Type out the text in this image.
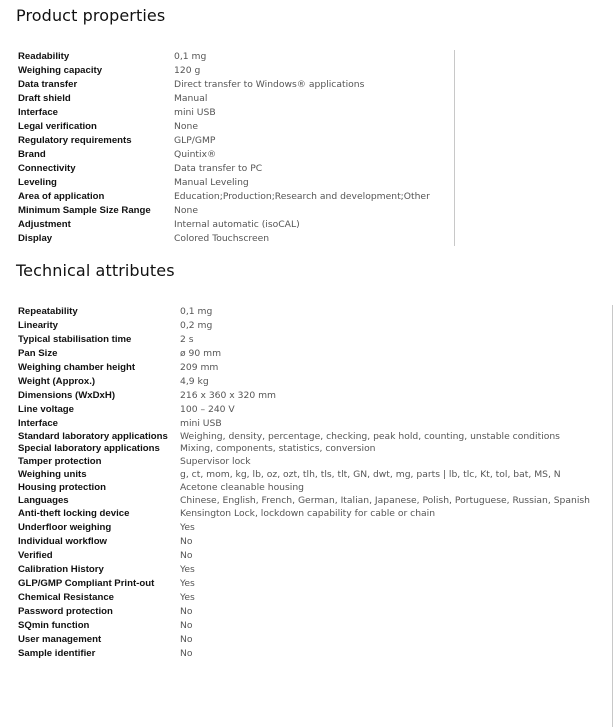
Product properties
Readability	0,1 mg
Weighing capacity	120 g
Data transfer	Direct transfer to Windows® applications
Draft shield	Manual
Interface	mini USB
Legal verification	None
Regulatory requirements	GLP/GMP
Brand	Quintix®
Connectivity	Data transfer to PC
Leveling	Manual Leveling
Area of application	Education;Production;Research and development;Other
Minimum Sample Size Range	None
Adjustment	Internal automatic (isoCAL)
Display	Colored Touchscreen
Technical attributes
Repeatability	0,1 mg
Linearity	0,2 mg
Typical stabilisation time	2 s
Pan Size	ø 90 mm
Weighing chamber height	209 mm
Weight (Approx.)	4,9 kg
Dimensions (WxDxH)	216 x 360 x 320 mm
Line voltage	100 – 240 V
Interface	mini USB
Standard laboratory applications	Weighing, density, percentage, checking, peak hold, counting, unstable conditions
Special laboratory applications	Mixing, components, statistics, conversion
Tamper protection	Supervisor lock
Weighing units	g, ct, mom, kg, lb, oz, ozt, tlh, tls, tlt, GN, dwt, mg, parts | lb, tlc, Kt, tol, bat, MS, N
Housing protection	Acetone cleanable housing
Languages	Chinese, English, French, German, Italian, Japanese, Polish, Portuguese, Russian, Spanish
Anti-theft locking device	Kensington Lock, lockdown capability for cable or chain
Underfloor weighing	Yes
Individual workflow	No
Verified	No
Calibration History	Yes
GLP/GMP Compliant Print-out	Yes
Chemical Resistance	Yes
Password protection	No
SQmin function	No
User management	No
Sample identifier	No
